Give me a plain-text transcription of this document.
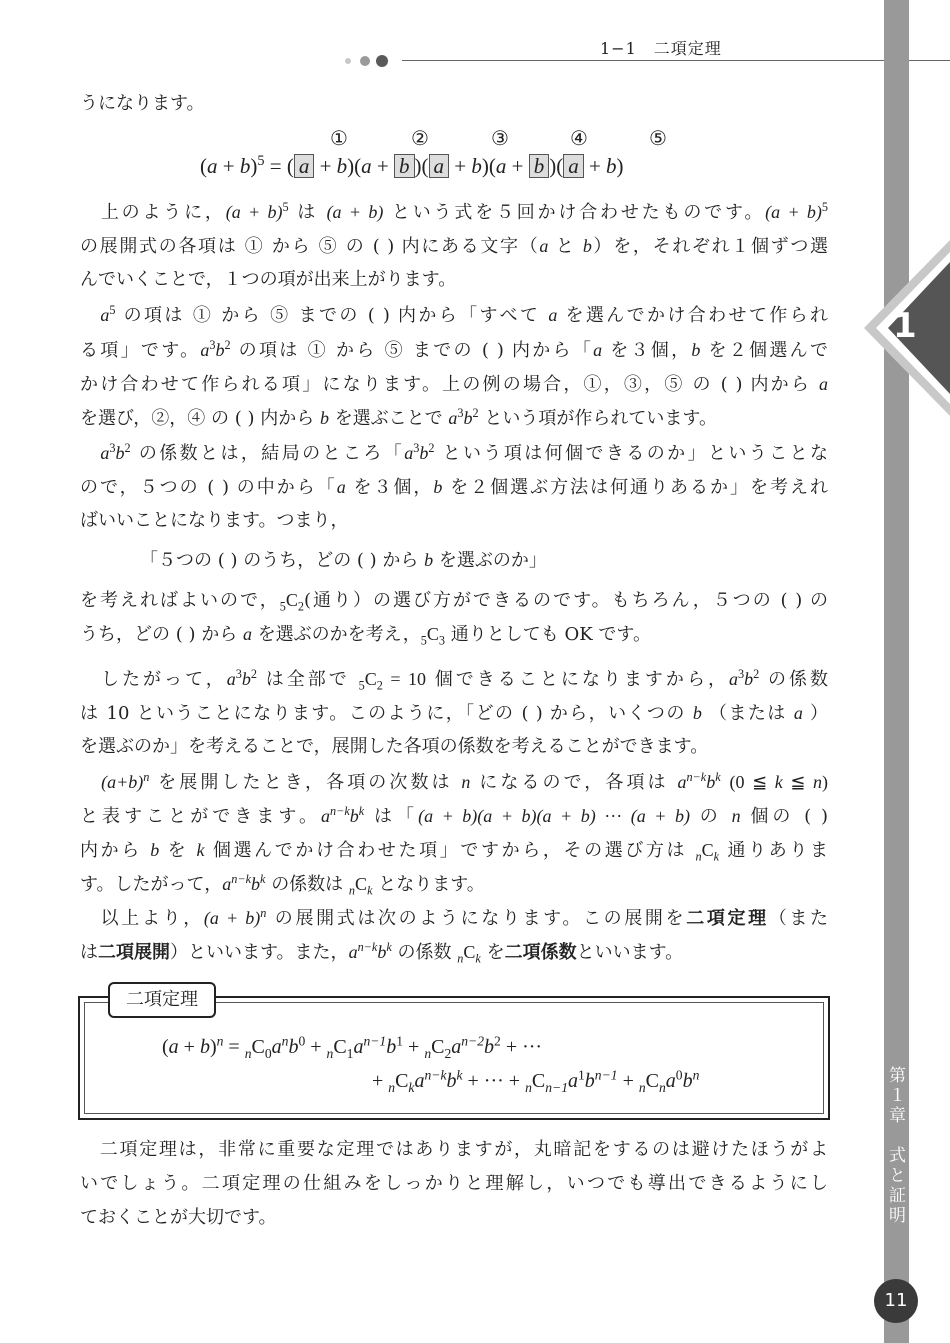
1−1　二項定理
1
第１章　式と証明
11
うになります。
①	②	③	④	⑤
$(a + b)^5$ = ( a + b)(a + b )( a + b)(a + b )( a + b)
　上のように，$(a + b)^5$ は (a + b) という式を５回かけ合わせたものです。$(a + b)^5$
の展開式の各項は ① から ⑤ の ( ) 内にある文字（a と b）を，それぞれ１個ずつ選
んでいくことで，１つの項が出来上がります。
　$a^5$ の項は ① から ⑤ までの ( ) 内から「すべて a を選んでかけ合わせて作られ
る項」です。$a^3b^2$ の項は ① から ⑤ までの ( ) 内から「a を３個，b を２個選んで
かけ合わせて作られる項」になります。上の例の場合，①，③，⑤ の ( ) 内から a
を選び，②，④ の ( ) 内から b を選ぶことで $a^3b^2$ という項が作られています。
　$a^3b^2$ の係数とは，結局のところ「$a^3b^2$ という項は何個できるのか」ということな
ので，５つの ( ) の中から「a を３個，b を２個選ぶ方法は何通りあるか」を考えれ
ばいいことになります。つまり，
「５つの ( ) のうち，どの ( ) から b を選ぶのか」
を考えればよいので，$_5C_2$(通り）の選び方ができるのです。もちろん，５つの ( ) の
うち，どの ( ) から a を選ぶのかを考え，$_5C_3$ 通りとしても OK です。
　したがって，$a^3b^2$ は全部で $_5C_2 = 10$ 個できることになりますから，$a^3b^2$ の係数
は 10 ということになります。このように，「どの ( ) から，いくつの b （または a ）
を選ぶのか」を考えることで，展開した各項の係数を考えることができます。
　$(a+b)^n$ を展開したとき，各項の次数は n になるので，各項は $a^{n-k}b^k$ (0 ≦ k ≦ n)
と表すことができます。$a^{n-k}b^k$ は「(a + b)(a + b)(a + b) ··· (a + b) の n 個の ( )
内から b を k 個選んでかけ合わせた項」ですから，その選び方は $_nC_k$ 通りありま
す。したがって，$a^{n-k}b^k$ の係数は $_nC_k$ となります。
　以上より，$(a + b)^n$ の展開式は次のようになります。この展開を二項定理（また
は二項展開）といいます。また，$a^{n-k}b^k$ の係数 $_nC_k$ を二項係数といいます。
二項定理
$(a + b)^n = _nC_0a^nb^0 + _nC_1a^{n-1}b^1 + _nC_2a^{n-2}b^2$ + ···
+ $_nC_ka^{n-k}b^k$ + ··· + $_nC_{n-1}a^1b^{n-1} + _nC_na^0b^n$
　二項定理は，非常に重要な定理ではありますが，丸暗記をするのは避けたほうがよ
いでしょう。二項定理の仕組みをしっかりと理解し，いつでも導出できるようにし
ておくことが大切です。
